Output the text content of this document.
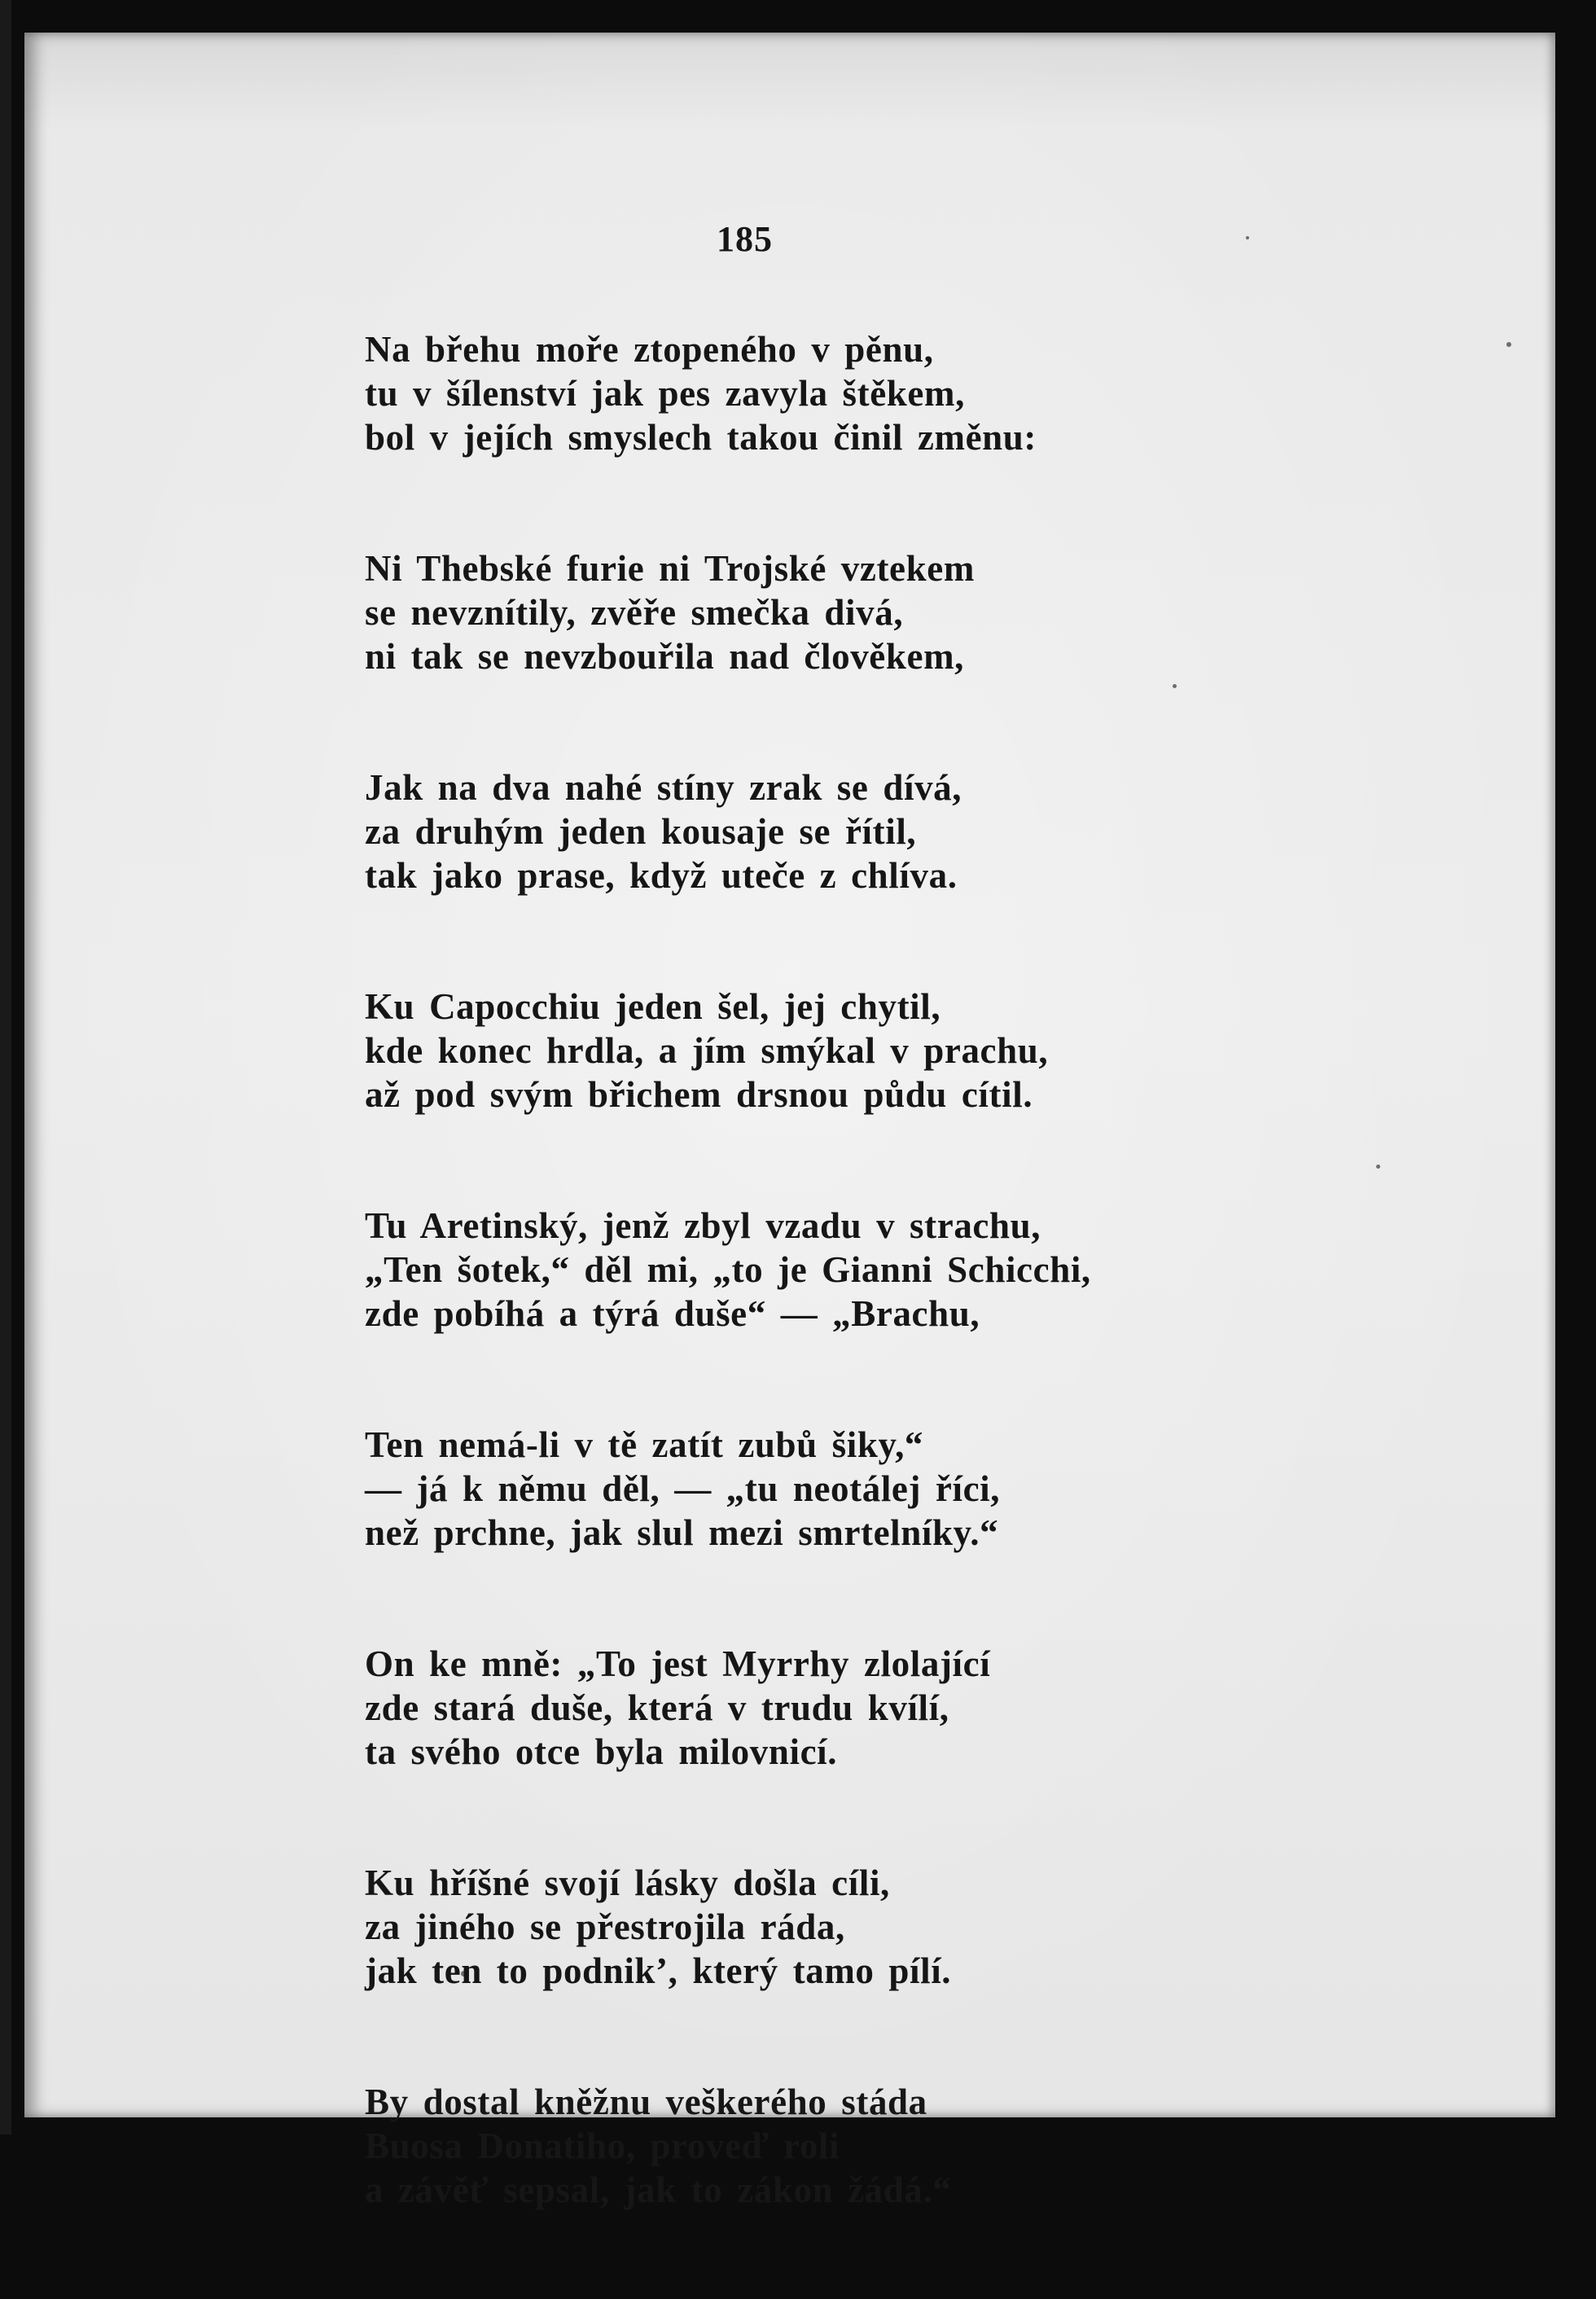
185
Na břehu moře ztopeného v pěnu,
tu v šílenství jak pes zavyla štěkem,
bol v jejích smyslech takou činil změnu:
Ni Thebské furie ni Trojské vztekem
se nevznítily, zvěře smečka divá,
ni tak se nevzbouřila nad člověkem,
Jak na dva nahé stíny zrak se dívá,
za druhým jeden kousaje se řítil,
tak jako prase, když uteče z chlíva.
Ku Capocchiu jeden šel, jej chytil,
kde konec hrdla, a jím smýkal v prachu,
až pod svým břichem drsnou půdu cítil.
Tu Aretinský, jenž zbyl vzadu v strachu,
„Ten šotek,“ děl mi, „to je Gianni Schicchi,
zde pobíhá a týrá duše“ — „Brachu,
Ten nemá-li v tě zatít zubů šiky,“
— já k němu děl, — „tu neotálej říci,
než prchne, jak slul mezi smrtelníky.“
On ke mně: „To jest Myrrhy zlolající
zde stará duše, která v trudu kvílí,
ta svého otce byla milovnicí.
Ku hříšné svojí lásky došla cíli,
za jiného se přestrojila ráda,
jak ten to podnik’, který tamo pílí.
By dostal kněžnu veškerého stáda
Buosa Donatiho, proveď roli
a závěť sepsal, jak to zákon žádá.“
